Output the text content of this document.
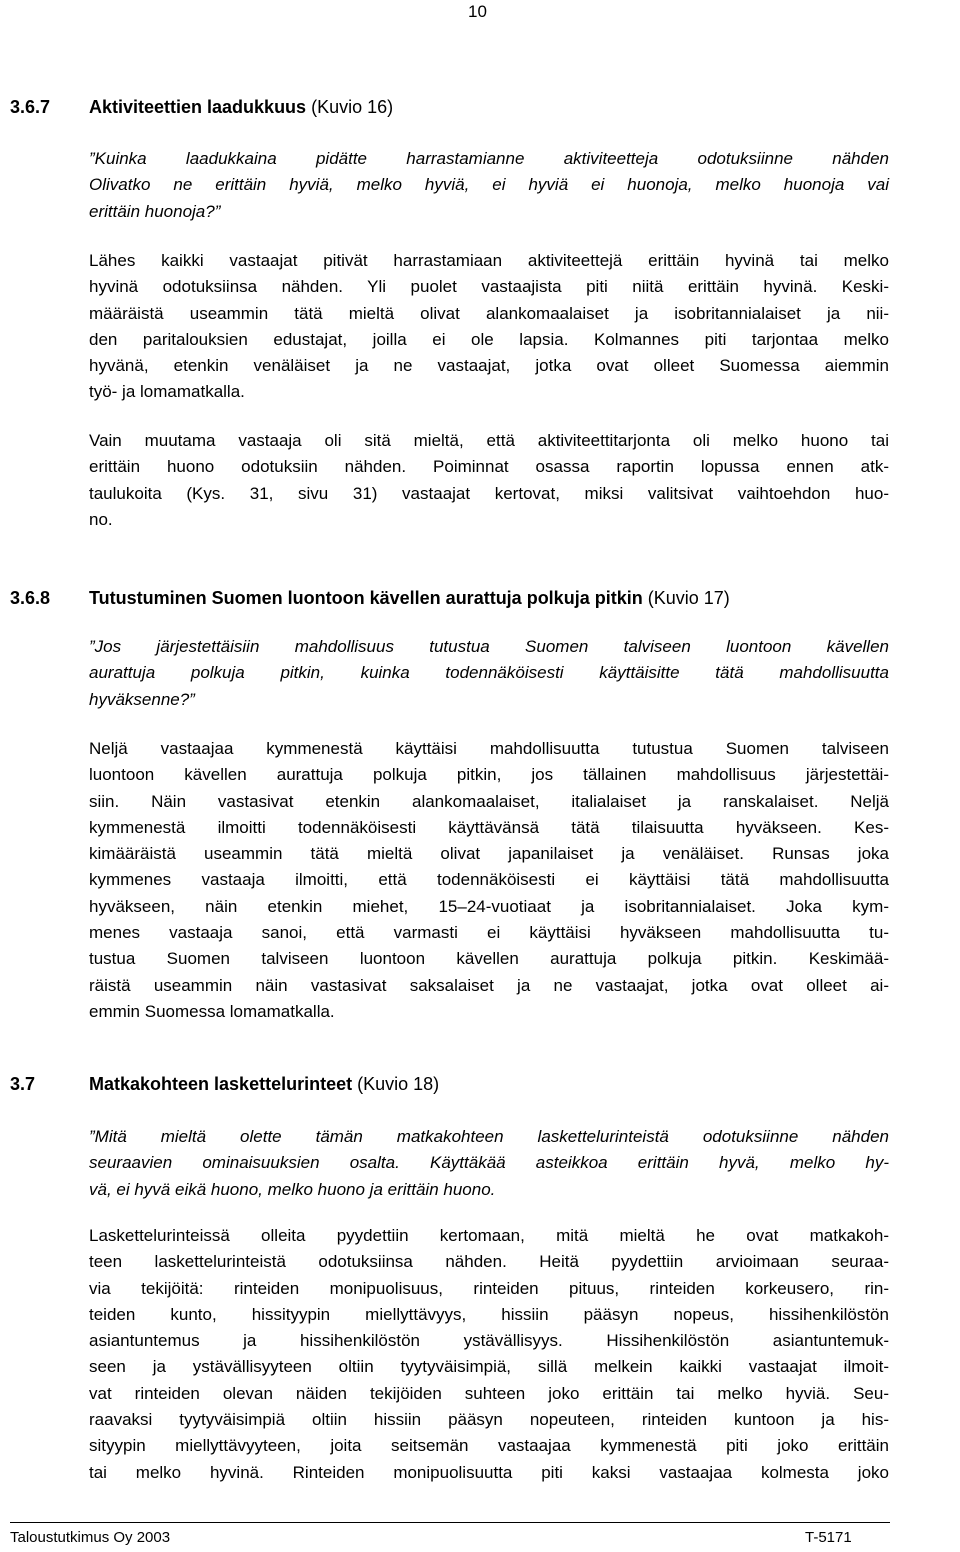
10
3.6.7 Aktiviteettien laadukkuus (Kuvio 16)
”Kuinka laadukkaina pidätte harrastamianne aktiviteetteja odotuksiinne nähden
Olivatko ne erittäin hyviä, melko hyviä, ei hyviä ei huonoja, melko huonoja vai
erittäin huonoja?”
Lähes kaikki vastaajat pitivät harrastamiaan aktiviteettejä erittäin hyvinä tai melko
hyvinä odotuksiinsa nähden. Yli puolet vastaajista piti niitä erittäin hyvinä. Keski-
määräistä useammin tätä mieltä olivat alankomaalaiset ja isobritannialaiset ja nii-
den paritalouksien edustajat, joilla ei ole lapsia. Kolmannes piti tarjontaa melko
hyvänä, etenkin venäläiset ja ne vastaajat, jotka ovat olleet Suomessa aiemmin
työ- ja lomamatkalla.
Vain muutama vastaaja oli sitä mieltä, että aktiviteettitarjonta oli melko huono tai
erittäin huono odotuksiin nähden. Poiminnat osassa raportin lopussa ennen atk-
taulukoita (Kys. 31, sivu 31) vastaajat kertovat, miksi valitsivat vaihtoehdon huo-
no.
3.6.8 Tutustuminen Suomen luontoon kävellen aurattuja polkuja pitkin (Kuvio 17)
”Jos järjestettäisiin mahdollisuus tutustua Suomen talviseen luontoon kävellen
aurattuja polkuja pitkin, kuinka todennäköisesti käyttäisitte tätä mahdollisuutta
hyväksenne?”
Neljä vastaajaa kymmenestä käyttäisi mahdollisuutta tutustua Suomen talviseen
luontoon kävellen aurattuja polkuja pitkin, jos tällainen mahdollisuus järjestettäi-
siin. Näin vastasivat etenkin alankomaalaiset, italialaiset ja ranskalaiset. Neljä
kymmenestä ilmoitti todennäköisesti käyttävänsä tätä tilaisuutta hyväkseen. Kes-
kimääräistä useammin tätä mieltä olivat japanilaiset ja venäläiset. Runsas joka
kymmenes vastaaja ilmoitti, että todennäköisesti ei käyttäisi tätä mahdollisuutta
hyväkseen, näin etenkin miehet, 15–24-vuotiaat ja isobritannialaiset. Joka kym-
menes vastaaja sanoi, että varmasti ei käyttäisi hyväkseen mahdollisuutta tu-
tustua Suomen talviseen luontoon kävellen aurattuja polkuja pitkin. Keskimää-
räistä useammin näin vastasivat saksalaiset ja ne vastaajat, jotka ovat olleet ai-
emmin Suomessa lomamatkalla.
3.7	Matkakohteen laskettelurinteet (Kuvio 18)
”Mitä mieltä olette tämän matkakohteen laskettelurinteistä odotuksiinne nähden
seuraavien ominaisuuksien osalta. Käyttäkää asteikkoa erittäin hyvä, melko hy-
vä, ei hyvä eikä huono, melko huono ja erittäin huono.
Laskettelurinteissä olleita pyydettiin kertomaan, mitä mieltä he ovat matkakoh-
teen laskettelurinteistä odotuksiinsa nähden. Heitä pyydettiin arvioimaan seuraa-
via tekijöitä: rinteiden monipuolisuus, rinteiden pituus, rinteiden korkeusero, rin-
teiden kunto, hissityypin miellyttävyys, hissiin pääsyn nopeus, hissihenkilöstön
asiantuntemus ja hissihenkilöstön ystävällisyys. Hissihenkilöstön asiantuntemuk-
seen ja ystävällisyyteen oltiin tyytyväisimpiä, sillä melkein kaikki vastaajat ilmoit-
vat rinteiden olevan näiden tekijöiden suhteen joko erittäin tai melko hyviä. Seu-
raavaksi tyytyväisimpiä oltiin hissiin pääsyn nopeuteen, rinteiden kuntoon ja his-
sityypin miellyttävyyteen, joita seitsemän vastaajaa kymmenestä piti joko erittäin
tai melko hyvinä. Rinteiden monipuolisuutta piti kaksi vastaajaa kolmesta joko
Taloustutkimus Oy 2003	T-5171
